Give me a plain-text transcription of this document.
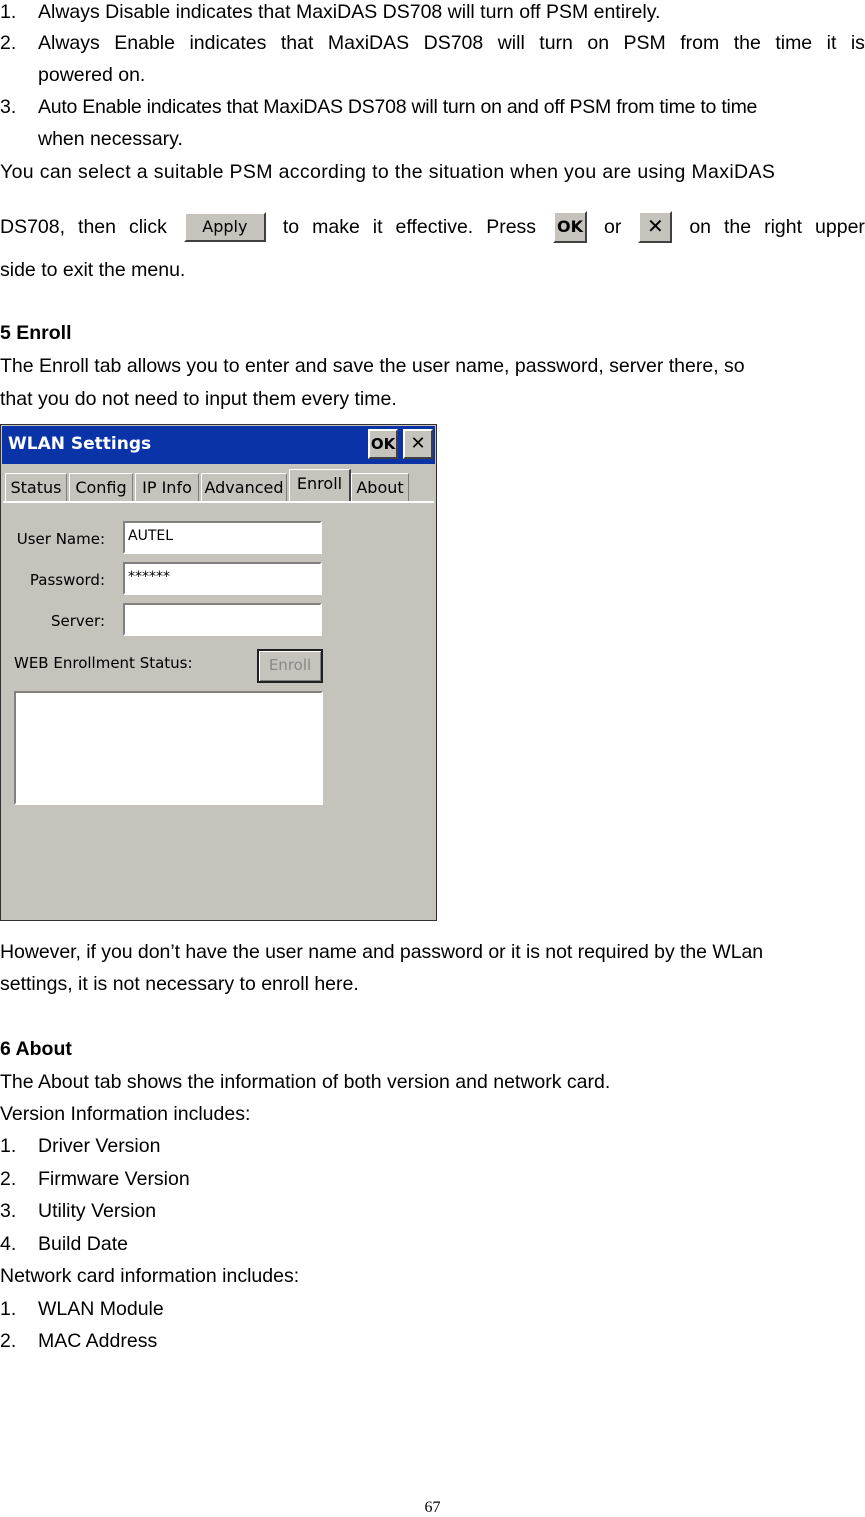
1.	Always Disable indicates that MaxiDAS DS708 will turn off PSM entirely.
2.	Always Enable indicates that MaxiDAS DS708 will turn on PSM from the time it is
powered on.
3.	Auto Enable indicates that MaxiDAS DS708 will turn on and off PSM from time to time
when necessary.
You can select a suitable PSM according to the situation when you are using MaxiDAS
DS708, then click	Apply	to make it effective. Press OK or	✕	on the right upper
side to exit the menu.
5 Enroll
The Enroll tab allows you to enter and save the user name, password, server there, so
that you do not need to input them every time.
WLAN Settings	OK ✕
Status Config IP Info Advanced Enroll About
User Name:	AUTEL
Password:	******
Server:
WEB Enrollment Status:	Enroll
However, if you don’t have the user name and password or it is not required by the WLan
settings, it is not necessary to enroll here.
6 About
The About tab shows the information of both version and network card.
Version Information includes:
1.	Driver Version
2.	Firmware Version
3.	Utility Version
4.	Build Date
Network card information includes:
1.	WLAN Module
2.	MAC Address
67
